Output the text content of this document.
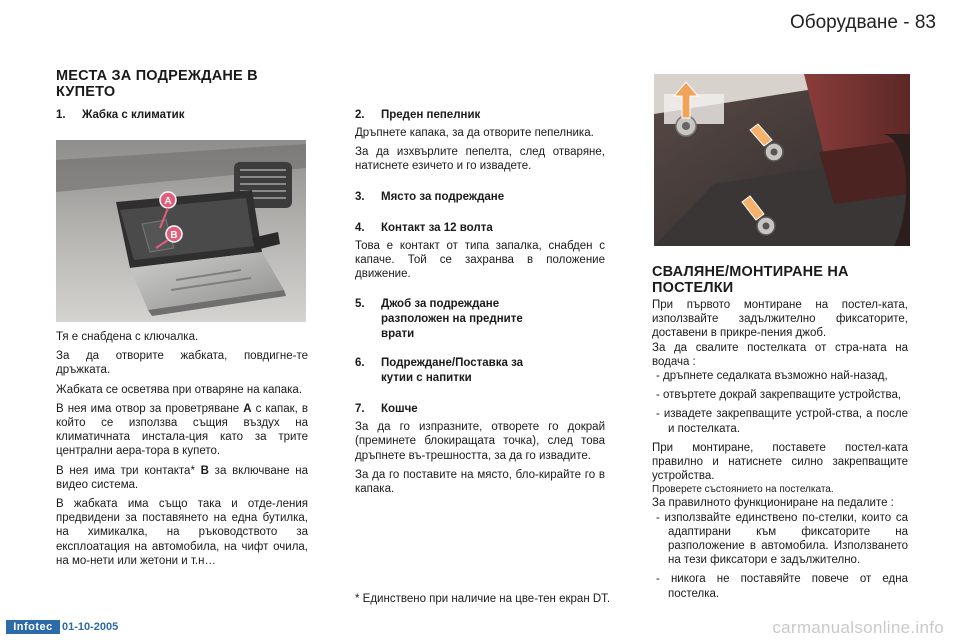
Оборудване - 83
МЕСТА ЗА ПОДРЕЖДАНЕ В КУПЕТО
1. Жабка с климатик
A
B

Тя е снабдена с ключалка.

За да отворите жабката, повдигне-те дръжката.

Жабката се осветява при отваряне на капака.

В нея има отвор за проветряване A с капак, в който се използва същия въздух на климатичната инстала-ция като за трите централни аера-тора в купето.

В нея има три контакта* B за включване на видео система.

В жабката има също така и отде-ления предвидени за поставянето на една бутилка, на химикалка, на ръководството за експлоатация на автомобила, на чифт очила, на мо-нети или жетони и т.н…

2. Преден пепелник

Дръпнете капака, за да отворите пепелника.

За да изхвърлите пепелта, след отваряне, натиснете езичето и го извадете.

3. Място за подреждане
4. Контакт за 12 волта

Това е контакт от типа запалка, снабден с капаче. Той се захранва в положение движение.

5. Джоб за подреждане
разположен на предните
врати
6. Подреждане/Поставка за
кутии с напитки
7. Кошче

За да го изпразните, отворете го докрай (преминете блокиращата точка), след това дръпнете въ-трешността, за да го извадите.

За да го поставите на място, бло-кирайте го в капака.

* Единствено при наличие на цве-тен екран DT.
СВАЛЯНЕ/МОНТИРАНЕ НА ПОСТЕЛКИ

При първото монтиране на постел-ката, използвайте задължително фиксаторите, доставени в прикре-пения джоб.

За да свалите постелката от стра-ната на водача :

- дръпнете седалката възможно най-назад,

- отвъртете докрай закрепващите устройства,

- извадете закрепващите устрой-ства, а после и постелката.

При монтиране, поставете постел-ката правилно и натиснете силно закрепващите устройства.

Проверете състоянието на постелката.

За правилното функциониране на педалите :

- използвайте единствено по-стелки, които са адаптирани към фиксаторите на разположение в автомобила. Използването на тези фиксатори е задължително.

- никога не поставяйте повече от една постелка.

Infotec 01-10-2005	carmanualsonline.info
